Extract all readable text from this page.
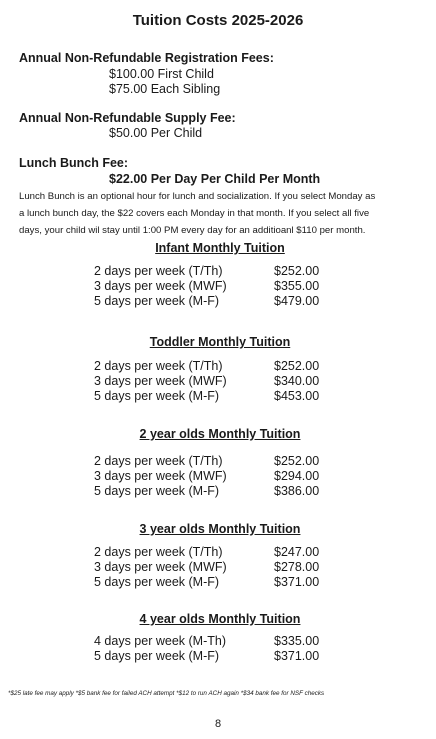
Tuition Costs 2025-2026

Annual Non-Refundable Registration Fees:

$100.00 First Child

$75.00 Each Sibling

Annual Non-Refundable Supply Fee:

$50.00 Per Child

Lunch Bunch Fee:

$22.00 Per Day Per Child Per Month

Lunch Bunch is an optional hour for lunch and socialization. If you select Monday as
a lunch bunch day, the $22 covers each Monday in that month. If you select all five
days, your child wil stay until 1:00 PM every day for an additioanl $110 per month.

Infant Monthly Tuition

2 days per week (T/Th)	$252.00
3 days per week (MWF)	$355.00
5 days per week (M-F)	$479.00

Toddler Monthly Tuition

2 days per week (T/Th)	$252.00
3 days per week (MWF)	$340.00
5 days per week (M-F)	$453.00

2 year olds Monthly Tuition

2 days per week (T/Th)	$252.00
3 days per week (MWF)	$294.00
5 days per week (M-F)	$386.00

3 year olds Monthly Tuition

2 days per week (T/Th)	$247.00
3 days per week (MWF)	$278.00
5 days per week (M-F)	$371.00

4 year olds Monthly Tuition

4 days per week (M-Th)	$335.00
5 days per week (M-F)	$371.00

*$25 late fee may apply *$5 bank fee for failed ACH attempt *$12 to run ACH again *$34 bank fee for NSF checks

8
